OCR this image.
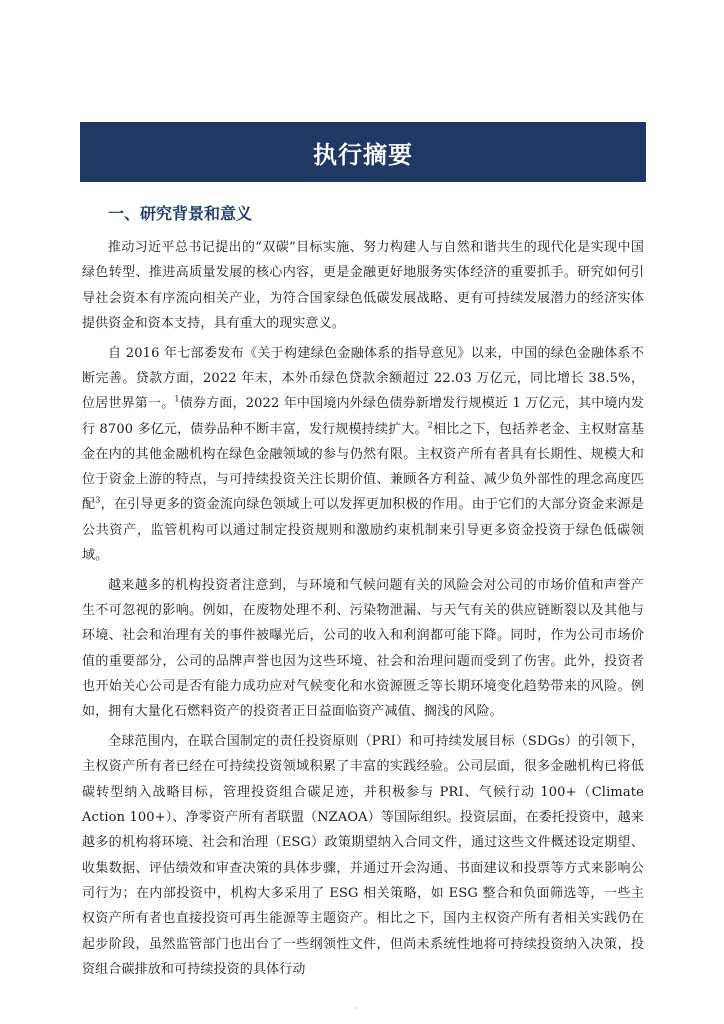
执行摘要
一、研究背景和意义

推动习近平总书记提出的“双碳”目标实施、努力构建人与自然和谐共生的现代化是实现中国绿色转型、推进高质量发展的核心内容，更是金融更好地服务实体经济的重要抓手。研究如何引导社会资本有序流向相关产业，为符合国家绿色低碳发展战略、更有可持续发展潜力的经济实体提供资金和资本支持，具有重大的现实意义。

自 2016 年七部委发布《关于构建绿色金融体系的指导意见》以来，中国的绿色金融体系不断完善。贷款方面，2022 年末，本外币绿色贷款余额超过 22.03 万亿元，同比增长 38.5%，位居世界第一。$^1$债券方面，2022 年中国境内外绿色债券新增发行规模近 1 万亿元，其中境内发行 8700 多亿元，债券品种不断丰富，发行规模持续扩大。$^2$相比之下，包括养老金、主权财富基金在内的其他金融机构在绿色金融领域的参与仍然有限。主权资产所有者具有长期性、规模大和位于资金上游的特点，与可持续投资关注长期价值、兼顾各方利益、减少负外部性的理念高度匹配$^3$，在引导更多的资金流向绿色领域上可以发挥更加积极的作用。由于它们的大部分资金来源是公共资产，监管机构可以通过制定投资规则和激励约束机制来引导更多资金投资于绿色低碳领域。

越来越多的机构投资者注意到，与环境和气候问题有关的风险会对公司的市场价值和声誉产生不可忽视的影响。例如，在废物处理不利、污染物泄漏、与天气有关的供应链断裂以及其他与环境、社会和治理有关的事件被曝光后，公司的收入和利润都可能下降。同时，作为公司市场价值的重要部分，公司的品牌声誉也因为这些环境、社会和治理问题而受到了伤害。此外，投资者也开始关心公司是否有能力成功应对气候变化和水资源匮乏等长期环境变化趋势带来的风险。例如，拥有大量化石燃料资产的投资者正日益面临资产减值、搁浅的风险。

全球范围内，在联合国制定的责任投资原则（PRI）和可持续发展目标（SDGs）的引领下，主权资产所有者已经在可持续投资领域积累了丰富的实践经验。公司层面，很多金融机构已将低碳转型纳入战略目标，管理投资组合碳足迹，并积极参与 PRI、气候行动 100+（Climate Action 100+）、净零资产所有者联盟（NZAOA）等国际组织。投资层面，在委托投资中，越来越多的机构将环境、社会和治理（ESG）政策期望纳入合同文件，通过这些文件概述设定期望、收集数据、评估绩效和审查决策的具体步骤，并通过开会沟通、书面建议和投票等方式来影响公司行为；在内部投资中，机构大多采用了 ESG 相关策略，如 ESG 整合和负面筛选等，一些主权资产所有者也直接投资可再生能源等主题资产。相比之下，国内主权资产所有者相关实践仍在起步阶段，虽然监管部门也出台了一些纲领性文件，但尚未系统性地将可持续投资纳入决策，投资组合碳排放和可持续投资的具体行动

·
